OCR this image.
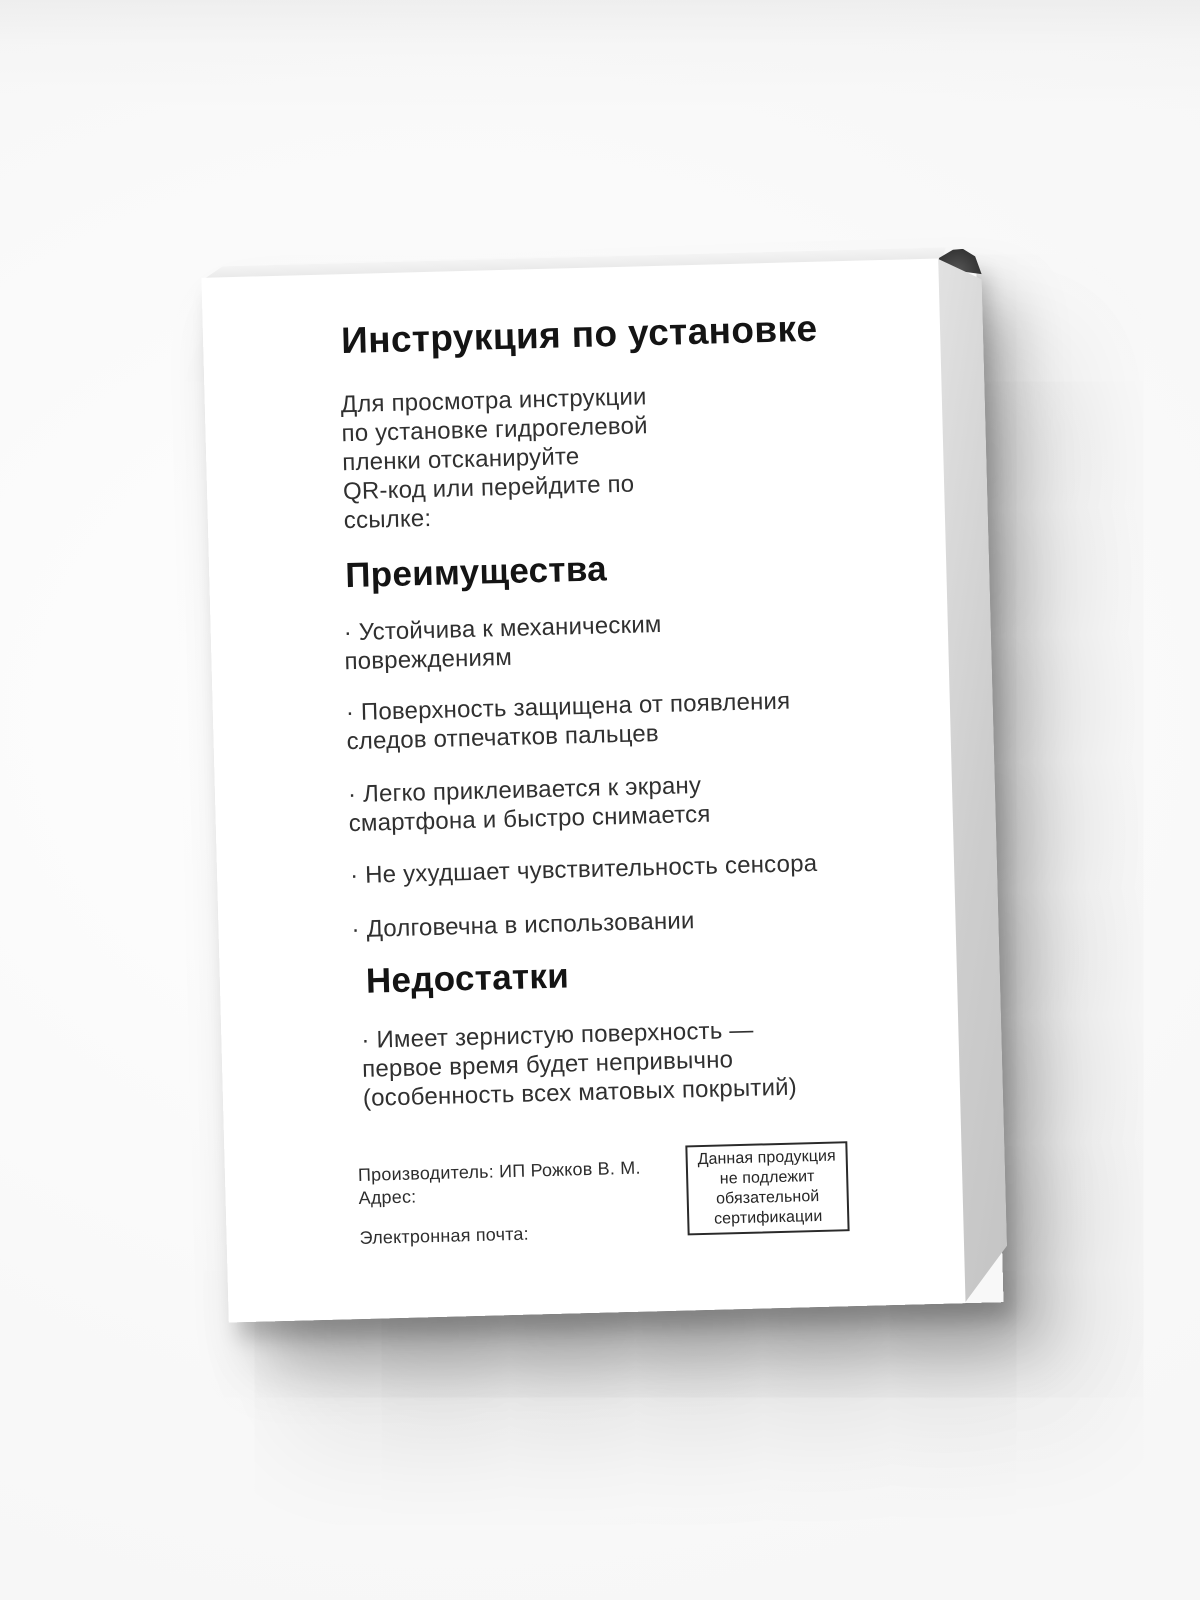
Инструкция по установке
Для просмотра инструкции
по установке гидрогелевой
пленки отсканируйте
QR-код или перейдите по
ссылке:
Преимущества
· Устойчива к механическим
повреждениям
· Поверхность защищена от появления
следов отпечатков пальцев
· Легко приклеивается к экрану
смартфона и быстро снимается
· Не ухудшает чувствительность сенсора
· Долговечна в использовании
Недостатки
· Имеет зернистую поверхность —
первое время будет непривычно
(особенность всех матовых покрытий)
Производитель: ИП Рожков В. М.
Адрес:
Электронная почта:
Данная продукция
не подлежит
обязательной
сертификации
